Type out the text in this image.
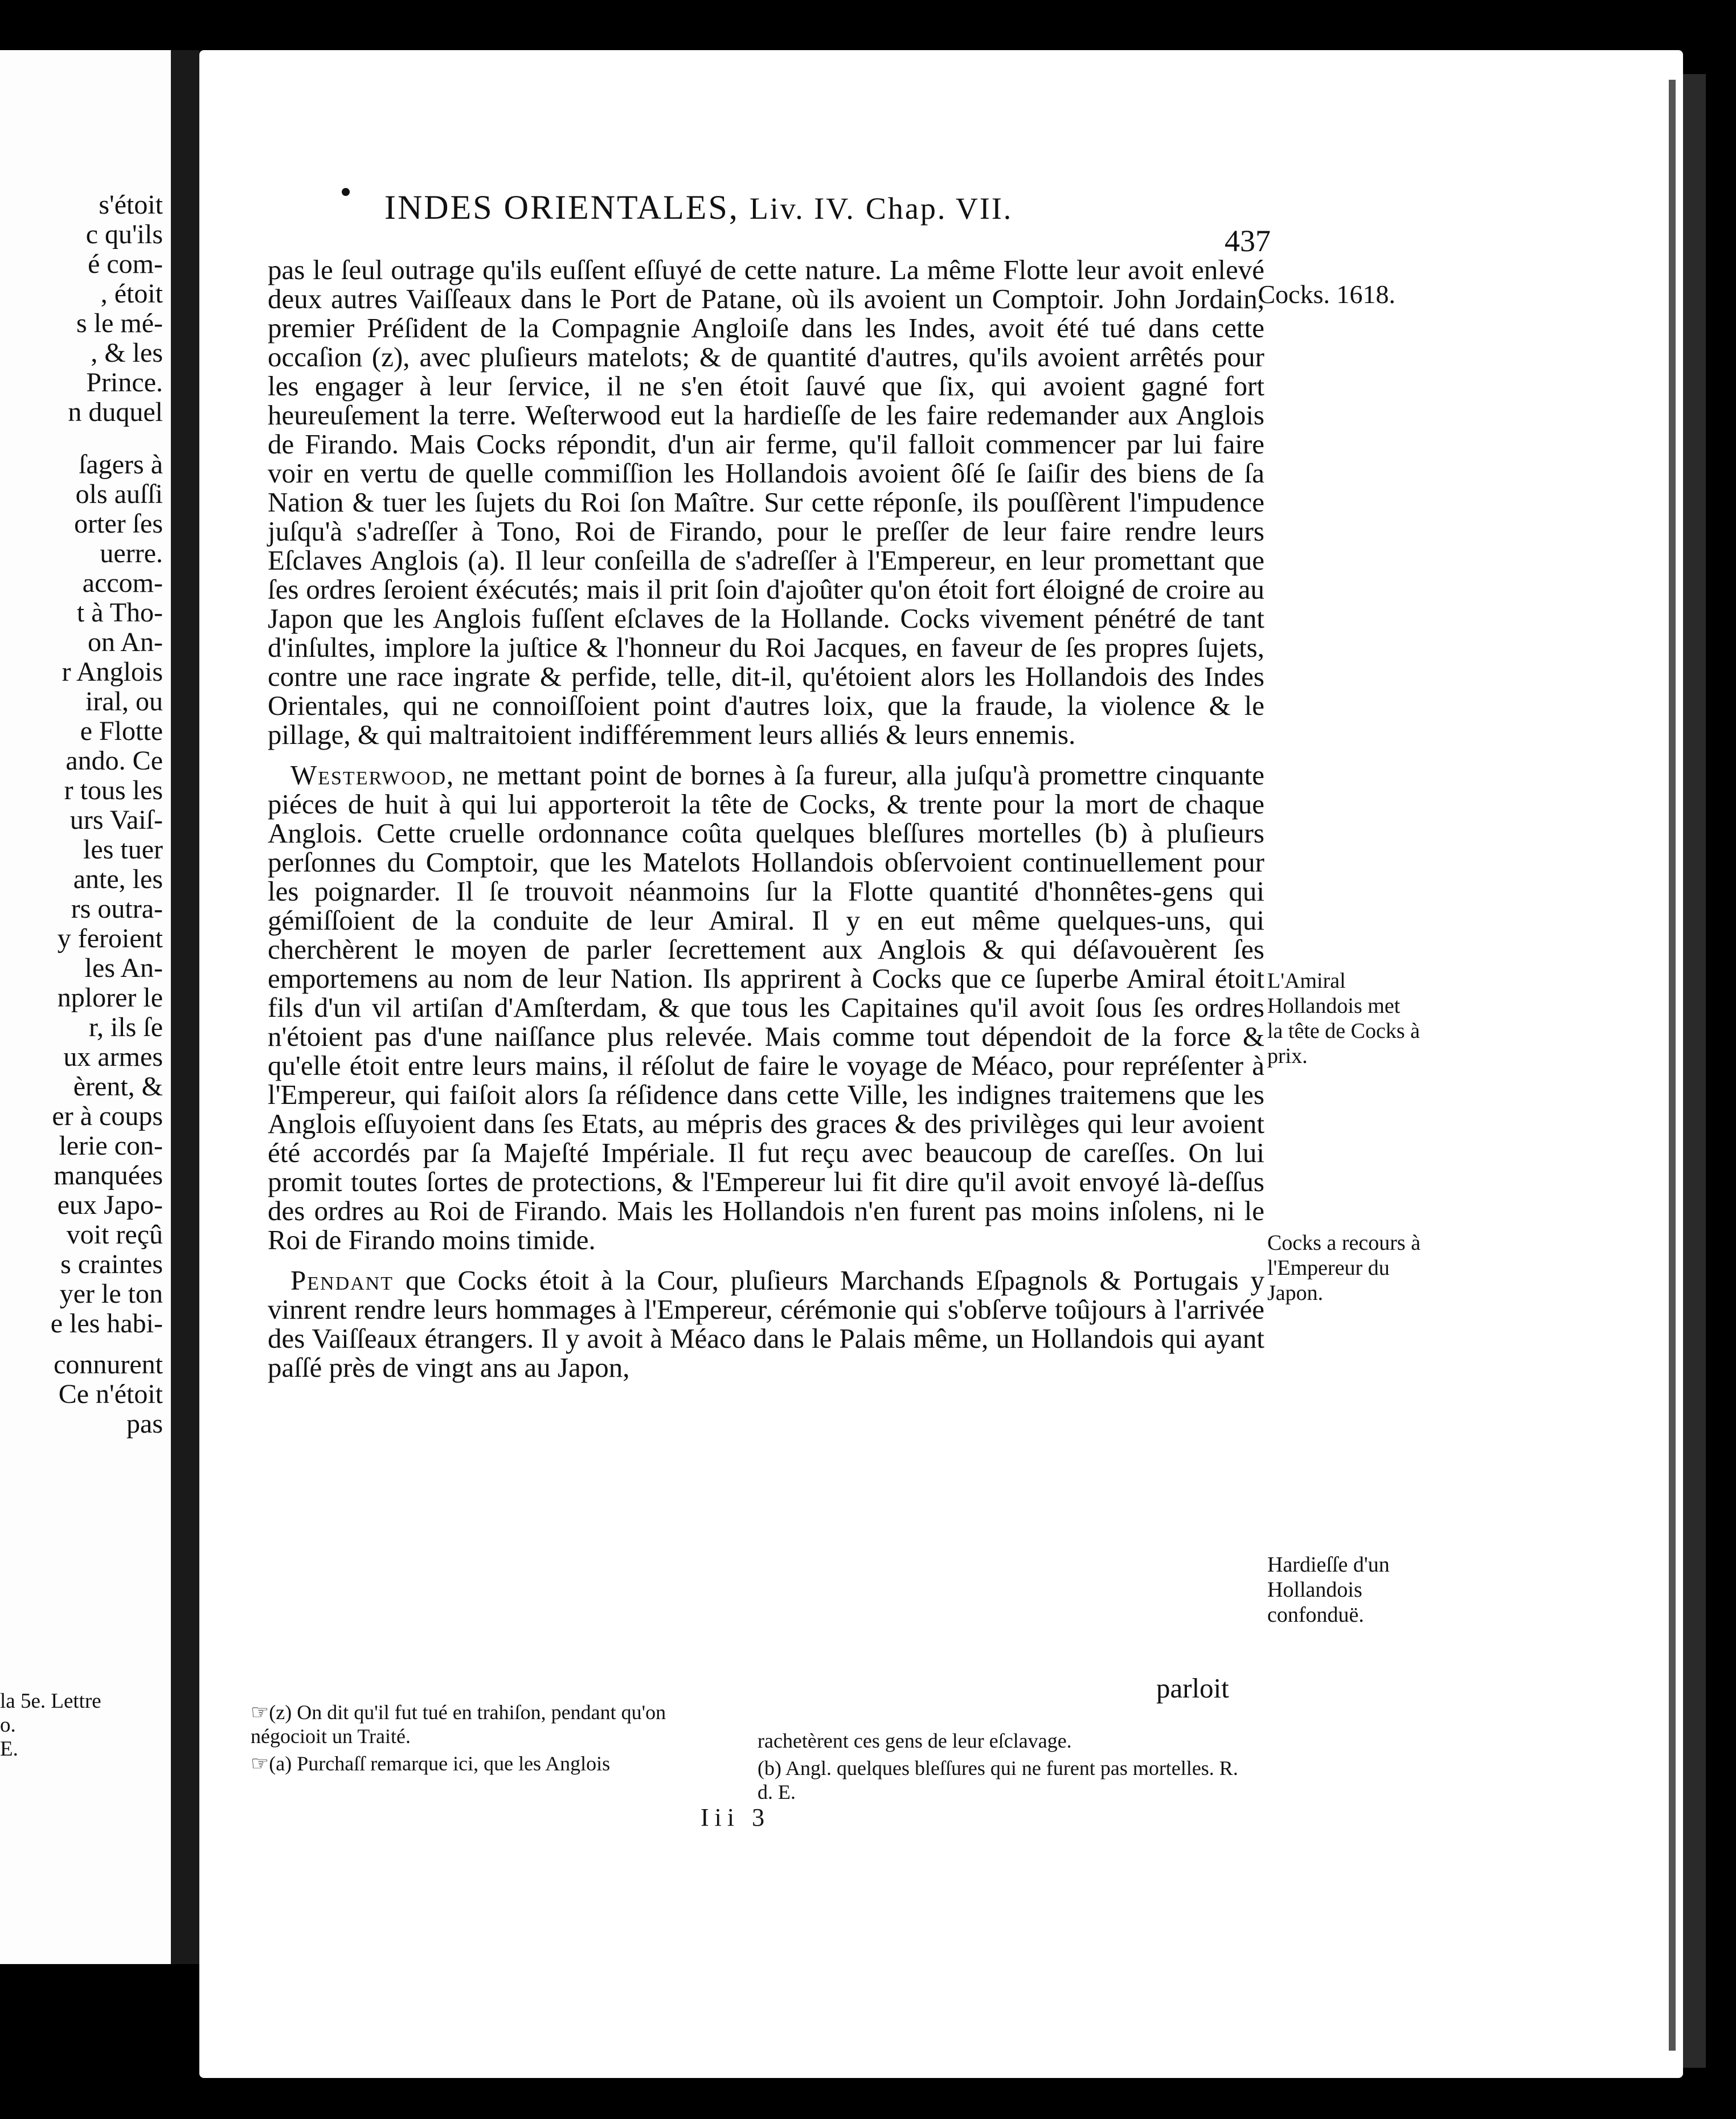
s'étoit

c qu'ils

é com-

, étoit

s le mé-

, & les

Prince.

n duquel

ſagers à

ols auſſi

orter ſes

uerre.

accom-

t à Tho-

on An-

r Anglois

iral, ou

e Flotte

ando. Ce

r tous les

urs Vaiſ-

les tuer

ante, les

rs outra-

y feroient

les An-

nplorer le

r, ils ſe

ux armes

èrent, &

er à coups

lerie con-

manquées

eux Japo-

voit reçû

s craintes

yer le ton

e les habi-

connurent

Ce n'étoit

pas

la 5e. Lettre

o.

E.

INDES ORIENTALES, Liv. IV. Chap. VII.

437

pas le ſeul outrage qu'ils euſſent eſſuyé de cette nature. La même Flotte leur avoit enlevé deux autres Vaiſſeaux dans le Port de Patane, où ils avoient un Comptoir. John Jordain, premier Préſident de la Compagnie Angloiſe dans les Indes, avoit été tué dans cette occaſion (z), avec pluſieurs matelots; & de quantité d'autres, qu'ils avoient arrêtés pour les engager à leur ſervice, il ne s'en étoit ſauvé que ſix, qui avoient gagné fort heureuſement la terre. Weſterwood eut la hardieſſe de les faire redemander aux Anglois de Firando. Mais Cocks répondit, d'un air ferme, qu'il falloit commencer par lui faire voir en vertu de quelle commiſſion les Hollandois avoient ôſé ſe ſaiſir des biens de ſa Nation & tuer les ſujets du Roi ſon Maître. Sur cette réponſe, ils pouſſèrent l'impudence juſqu'à s'adreſſer à Tono, Roi de Firando, pour le preſſer de leur faire rendre leurs Eſclaves Anglois (a). Il leur conſeilla de s'adreſſer à l'Empereur, en leur promettant que ſes ordres ſeroient éxécutés; mais il prit ſoin d'ajoûter qu'on étoit fort éloigné de croire au Japon que les Anglois fuſſent eſclaves de la Hollande. Cocks vivement pénétré de tant d'inſultes, implore la juſtice & l'honneur du Roi Jacques, en faveur de ſes propres ſujets, contre une race ingrate & perfide, telle, dit-il, qu'étoient alors les Hollandois des Indes Orientales, qui ne connoiſſoient point d'autres loix, que la fraude, la violence & le pillage, & qui maltraitoient indifféremment leurs alliés & leurs ennemis.

Westerwood, ne mettant point de bornes à ſa fureur, alla juſqu'à promettre cinquante piéces de huit à qui lui apporteroit la tête de Cocks, & trente pour la mort de chaque Anglois. Cette cruelle ordonnance coûta quelques bleſſures mortelles (b) à pluſieurs perſonnes du Comptoir, que les Matelots Hollandois obſervoient continuellement pour les poignarder. Il ſe trouvoit néanmoins ſur la Flotte quantité d'honnêtes-gens qui gémiſſoient de la conduite de leur Amiral. Il y en eut même quelques-uns, qui cherchèrent le moyen de parler ſecrettement aux Anglois & qui déſavouèrent ſes emportemens au nom de leur Nation. Ils apprirent à Cocks que ce ſuperbe Amiral étoit fils d'un vil artiſan d'Amſterdam, & que tous les Capitaines qu'il avoit ſous ſes ordres n'étoient pas d'une naiſſance plus relevée. Mais comme tout dépendoit de la force & qu'elle étoit entre leurs mains, il réſolut de faire le voyage de Méaco, pour repréſenter à l'Empereur, qui faiſoit alors ſa réſidence dans cette Ville, les indignes traitemens que les Anglois eſſuyoient dans ſes Etats, au mépris des graces & des privilèges qui leur avoient été accordés par ſa Majeſté Impériale. Il fut reçu avec beaucoup de careſſes. On lui promit toutes ſortes de protections, & l'Empereur lui fit dire qu'il avoit envoyé là-deſſus des ordres au Roi de Firando. Mais les Hollandois n'en furent pas moins inſolens, ni le Roi de Firando moins timide.

Pendant que Cocks étoit à la Cour, pluſieurs Marchands Eſpagnols & Portugais y vinrent rendre leurs hommages à l'Empereur, cérémonie qui s'obſerve toûjours à l'arrivée des Vaiſſeaux étrangers. Il y avoit à Méaco dans le Palais même, un Hollandois qui ayant paſſé près de vingt ans au Japon,

parloit

Cocks. 1618.

L'Amiral Hollandois met la tête de Cocks à prix.

Cocks a recours à l'Empereur du Japon.

Hardieſſe d'un Hollandois confonduë.

☞(z) On dit qu'il fut tué en trahiſon, pendant qu'on négocioit un Traité.

☞(a) Purchaſſ remarque ici, que les Anglois

rachetèrent ces gens de leur eſclavage.

(b) Angl. quelques bleſſures qui ne furent pas mortelles. R. d. E.

Iii 3
